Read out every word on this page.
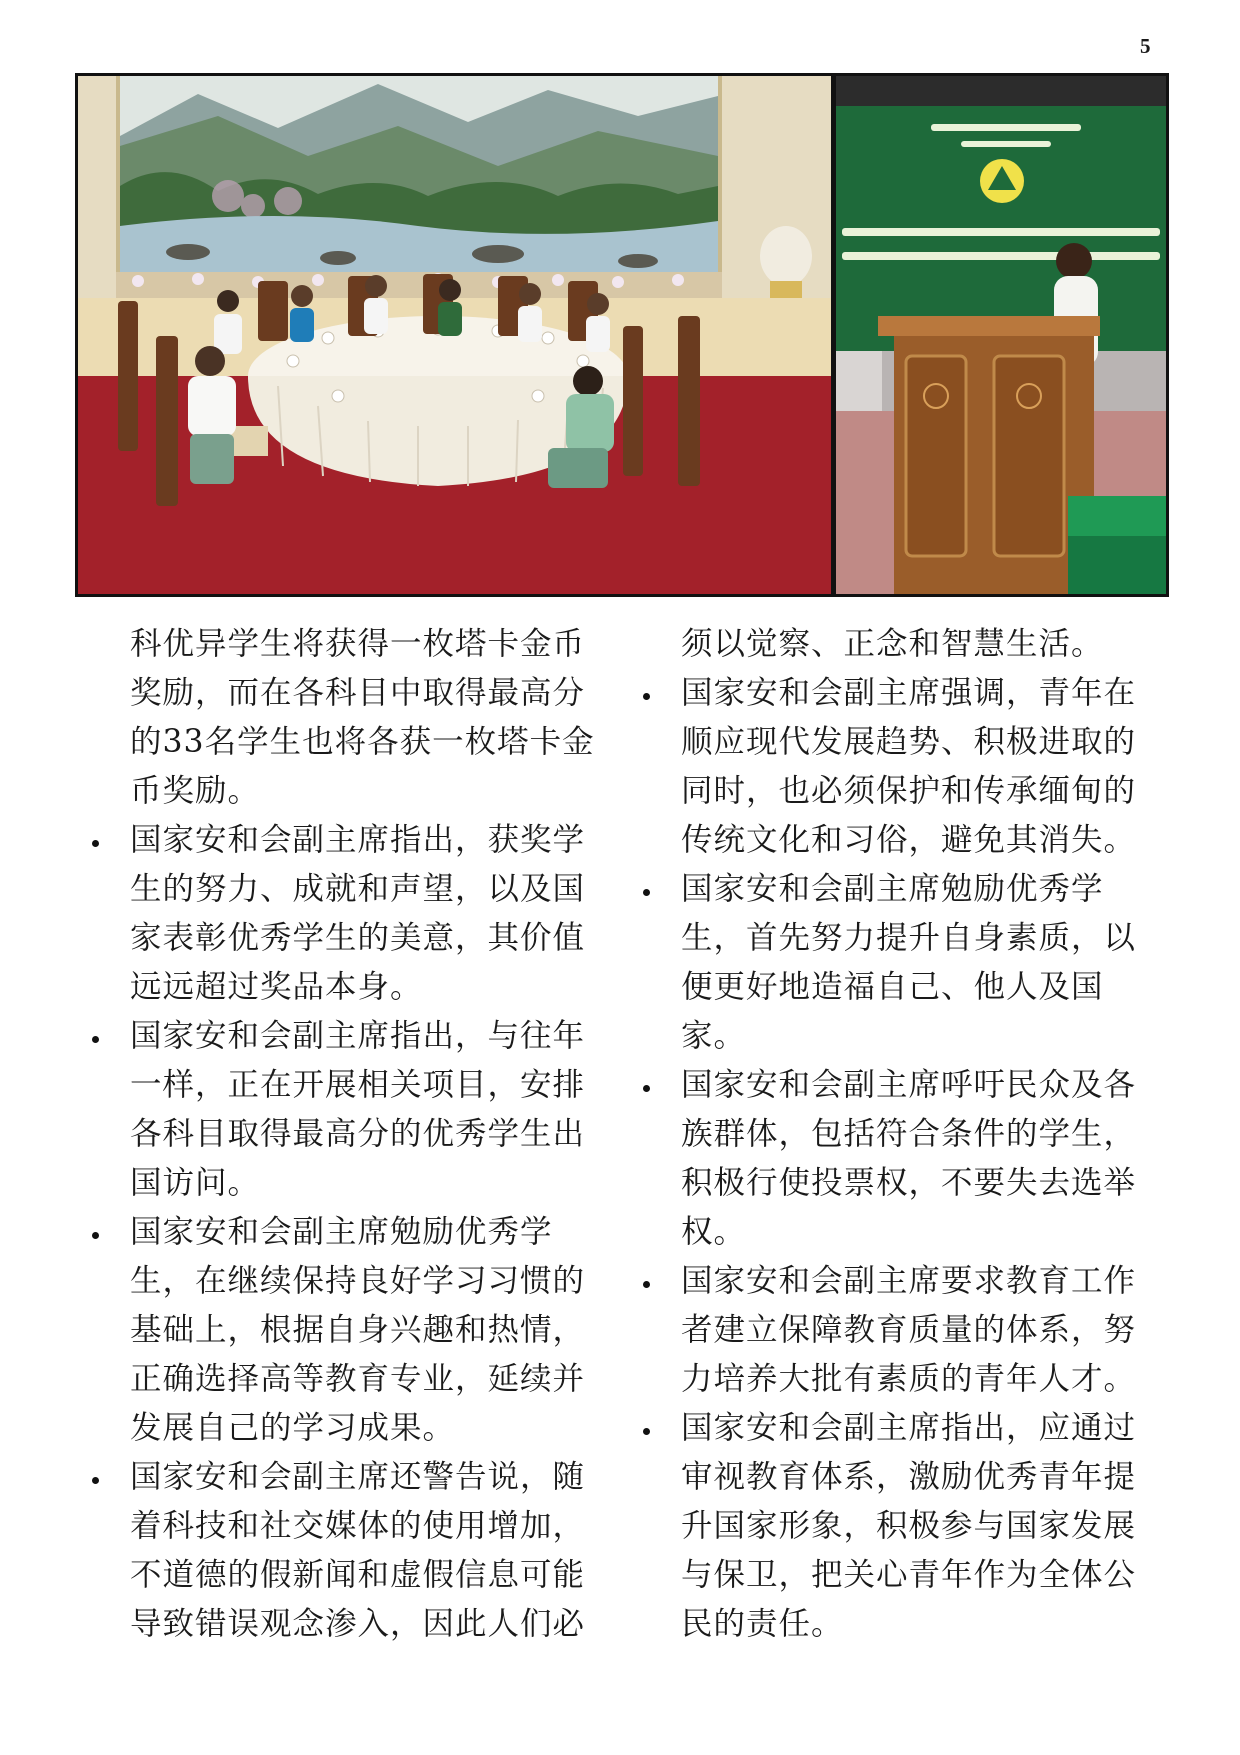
5
科优异学生将获得一枚塔卡金币奖励，而在各科目中取得最高分的33名学生也将各获一枚塔卡金币奖励。
国家安和会副主席指出，获奖学生的努力、成就和声望，以及国家表彰优秀学生的美意，其价值远远超过奖品本身。
国家安和会副主席指出，与往年一样，正在开展相关项目，安排各科目取得最高分的优秀学生出国访问。
国家安和会副主席勉励优秀学生，在继续保持良好学习习惯的基础上，根据自身兴趣和热情，正确选择高等教育专业，延续并发展自己的学习成果。
国家安和会副主席还警告说，随着科技和社交媒体的使用增加，不道德的假新闻和虚假信息可能导致错误观念渗入，因此人们必
须以觉察、正念和智慧生活。
国家安和会副主席强调，青年在顺应现代发展趋势、积极进取的同时，也必须保护和传承缅甸的传统文化和习俗，避免其消失。
国家安和会副主席勉励优秀学生，首先努力提升自身素质，以便更好地造福自己、他人及国家。
国家安和会副主席呼吁民众及各族群体，包括符合条件的学生，积极行使投票权，不要失去选举权。
国家安和会副主席要求教育工作者建立保障教育质量的体系，努力培养大批有素质的青年人才。
国家安和会副主席指出，应通过审视教育体系，激励优秀青年提升国家形象，积极参与国家发展与保卫，把关心青年作为全体公民的责任。
